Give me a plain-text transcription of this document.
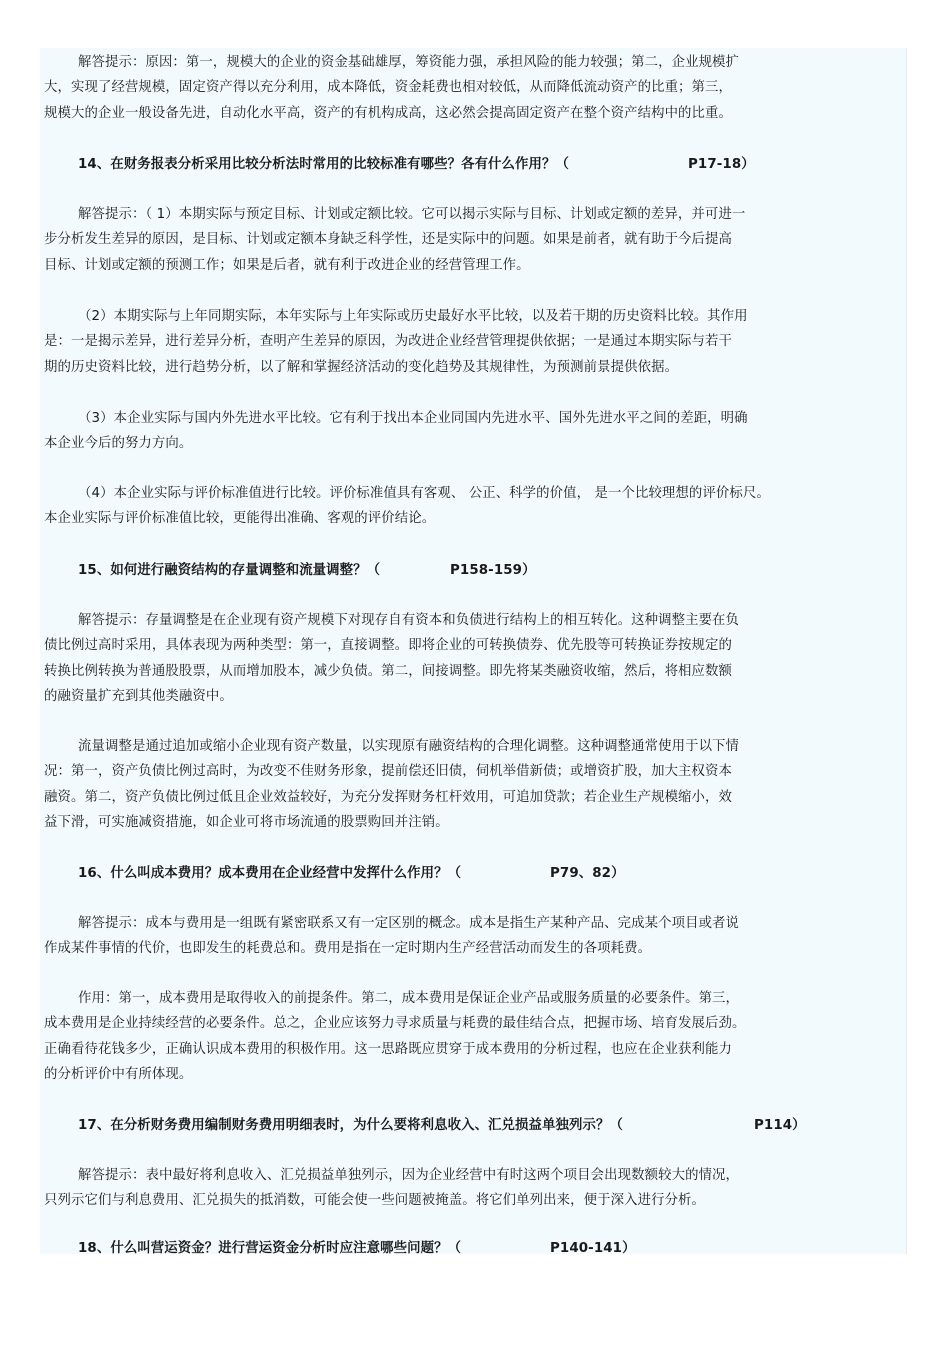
解答提示：原因：第一，规模大的企业的资金基础雄厚，筹资能力强，承担风险的能力较强；第二，企业规模扩
大，实现了经营规模，固定资产得以充分利用，成本降低，资金耗费也相对较低，从而降低流动资产的比重；第三，
规模大的企业一般设备先进，自动化水平高，资产的有机构成高，这必然会提高固定资产在整个资产结构中的比重。
14、在财务报表分析采用比较分析法时常用的比较标准有哪些？各有什么作用？（	P17-18）
解答提示：（ 1）本期实际与预定目标、计划或定额比较。它可以揭示实际与目标、计划或定额的差异，并可进一
步分析发生差异的原因，是目标、计划或定额本身缺乏科学性，还是实际中的问题。如果是前者，就有助于今后提高
目标、计划或定额的预测工作；如果是后者，就有利于改进企业的经营管理工作。
（2）本期实际与上年同期实际，本年实际与上年实际或历史最好水平比较，以及若干期的历史资料比较。其作用
是：一是揭示差异，进行差异分析，查明产生差异的原因，为改进企业经营管理提供依据；一是通过本期实际与若干
期的历史资料比较，进行趋势分析，以了解和掌握经济活动的变化趋势及其规律性，为预测前景提供依据。
（3）本企业实际与国内外先进水平比较。它有利于找出本企业同国内先进水平、国外先进水平之间的差距，明确
本企业今后的努力方向。
（4）本企业实际与评价标准值进行比较。评价标准值具有客观、 公正、科学的价值， 是一个比较理想的评价标尺。
本企业实际与评价标准值比较，更能得出准确、客观的评价结论。
15、如何进行融资结构的存量调整和流量调整？（	P158-159）
解答提示：存量调整是在企业现有资产规模下对现存自有资本和负债进行结构上的相互转化。这种调整主要在负
债比例过高时采用，具体表现为两种类型：第一，直接调整。即将企业的可转换债券、优先股等可转换证券按规定的
转换比例转换为普通股股票，从而增加股本，减少负债。第二，间接调整。即先将某类融资收缩，然后，将相应数额
的融资量扩充到其他类融资中。
流量调整是通过追加或缩小企业现有资产数量，以实现原有融资结构的合理化调整。这种调整通常使用于以下情
况：第一，资产负债比例过高时，为改变不佳财务形象，提前偿还旧债，伺机举借新债；或增资扩股，加大主权资本
融资。第二，资产负债比例过低且企业效益较好，为充分发挥财务杠杆效用，可追加贷款；若企业生产规模缩小，效
益下滑，可实施减资措施，如企业可将市场流通的股票购回并注销。
16、什么叫成本费用？成本费用在企业经营中发挥什么作用？（	P79、82）
解答提示：成本与费用是一组既有紧密联系又有一定区别的概念。成本是指生产某种产品、完成某个项目或者说
作成某件事情的代价，也即发生的耗费总和。费用是指在一定时期内生产经营活动而发生的各项耗费。
作用：第一，成本费用是取得收入的前提条件。第二，成本费用是保证企业产品或服务质量的必要条件。第三，
成本费用是企业持续经营的必要条件。总之，企业应该努力寻求质量与耗费的最佳结合点，把握市场、培育发展后劲。
正确看待花钱多少，正确认识成本费用的积极作用。这一思路既应贯穿于成本费用的分析过程，也应在企业获利能力
的分析评价中有所体现。
17、在分析财务费用编制财务费用明细表时，为什么要将利息收入、汇兑损益单独列示？（	P114）
解答提示：表中最好将利息收入、汇兑损益单独列示，因为企业经营中有时这两个项目会出现数额较大的情况，
只列示它们与利息费用、汇兑损失的抵消数，可能会使一些问题被掩盖。将它们单列出来，便于深入进行分析。
18、什么叫营运资金？进行营运资金分析时应注意哪些问题？（	P140-141）
